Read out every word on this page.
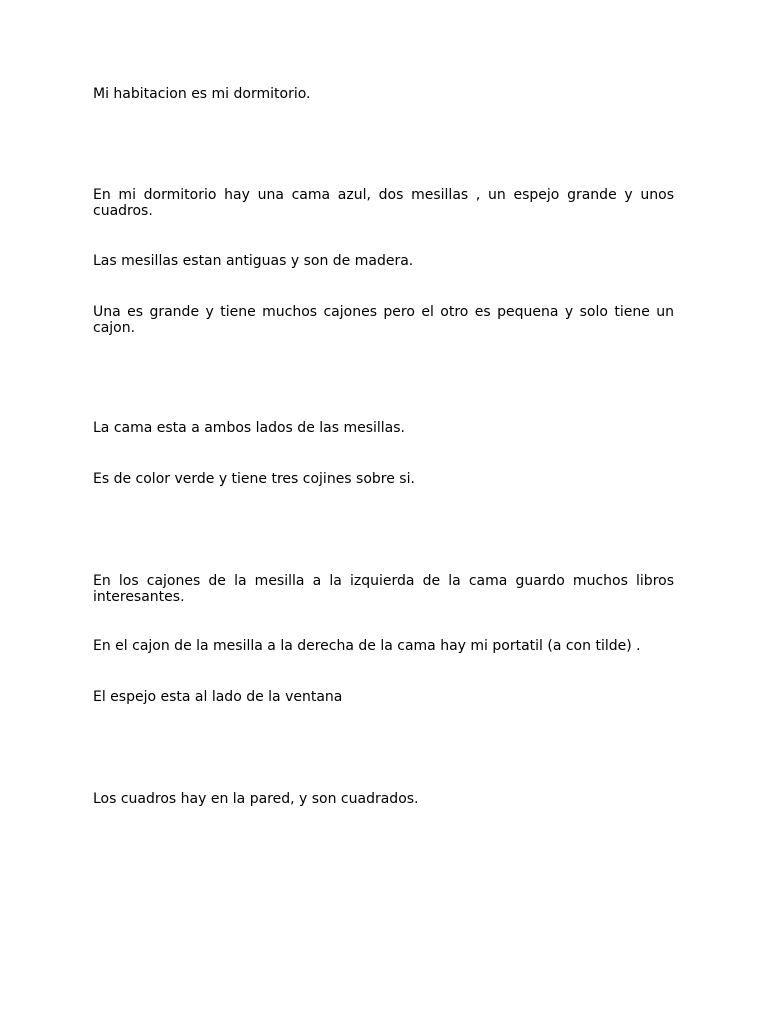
Mi habitacion es mi dormitorio.

En mi dormitorio hay una cama azul, dos mesillas , un espejo grande y unos cuadros.

Las mesillas estan antiguas y son de madera.

Una es grande y tiene muchos cajones pero el otro es pequena y solo tiene un cajon.

La cama esta a ambos lados de las mesillas.

Es de color verde y tiene tres cojines sobre si.

En los cajones de la mesilla a la izquierda de la cama guardo muchos libros interesantes.

En el cajon de la mesilla a la derecha de la cama hay mi portatil (a con tilde) .

El espejo esta al lado de la ventana

Los cuadros hay en la pared, y son cuadrados.
